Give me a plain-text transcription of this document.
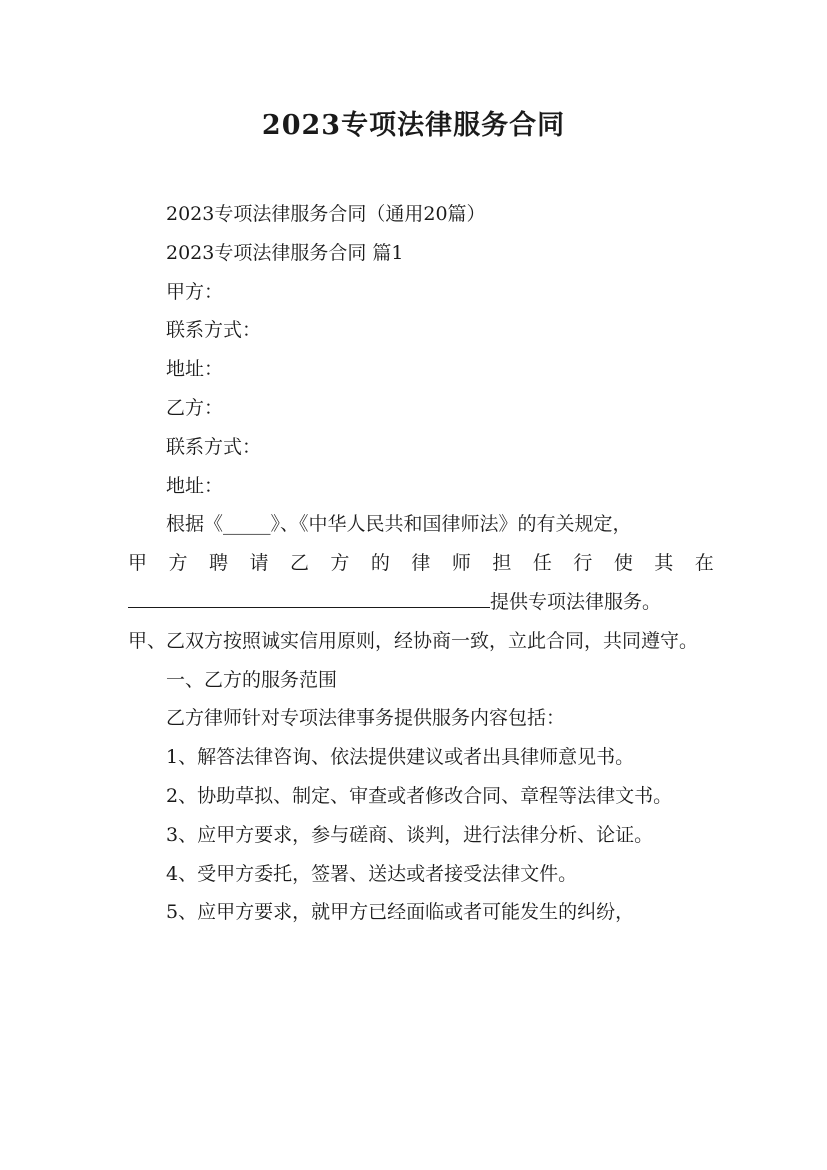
2023专项法律服务合同

2023专项法律服务合同（通用20篇）

2023专项法律服务合同 篇1

甲方：

联系方式：

地址：

乙方：

联系方式：

地址：

根据《_____》、《中华人民共和国律师法》的有关规定，

甲 方 聘 请 乙 方 的 律 师 担 任 行 使 其 在
提供专项法律服务。
甲、乙双方按照诚实信用原则，经协商一致，立此合同，共同遵守。

一、乙方的服务范围

乙方律师针对专项法律事务提供服务内容包括：

1、解答法律咨询、依法提供建议或者出具律师意见书。

2、协助草拟、制定、审查或者修改合同、章程等法律文书。

3、应甲方要求，参与磋商、谈判，进行法律分析、论证。

4、受甲方委托，签署、送达或者接受法律文件。

5、应甲方要求，就甲方已经面临或者可能发生的纠纷，
